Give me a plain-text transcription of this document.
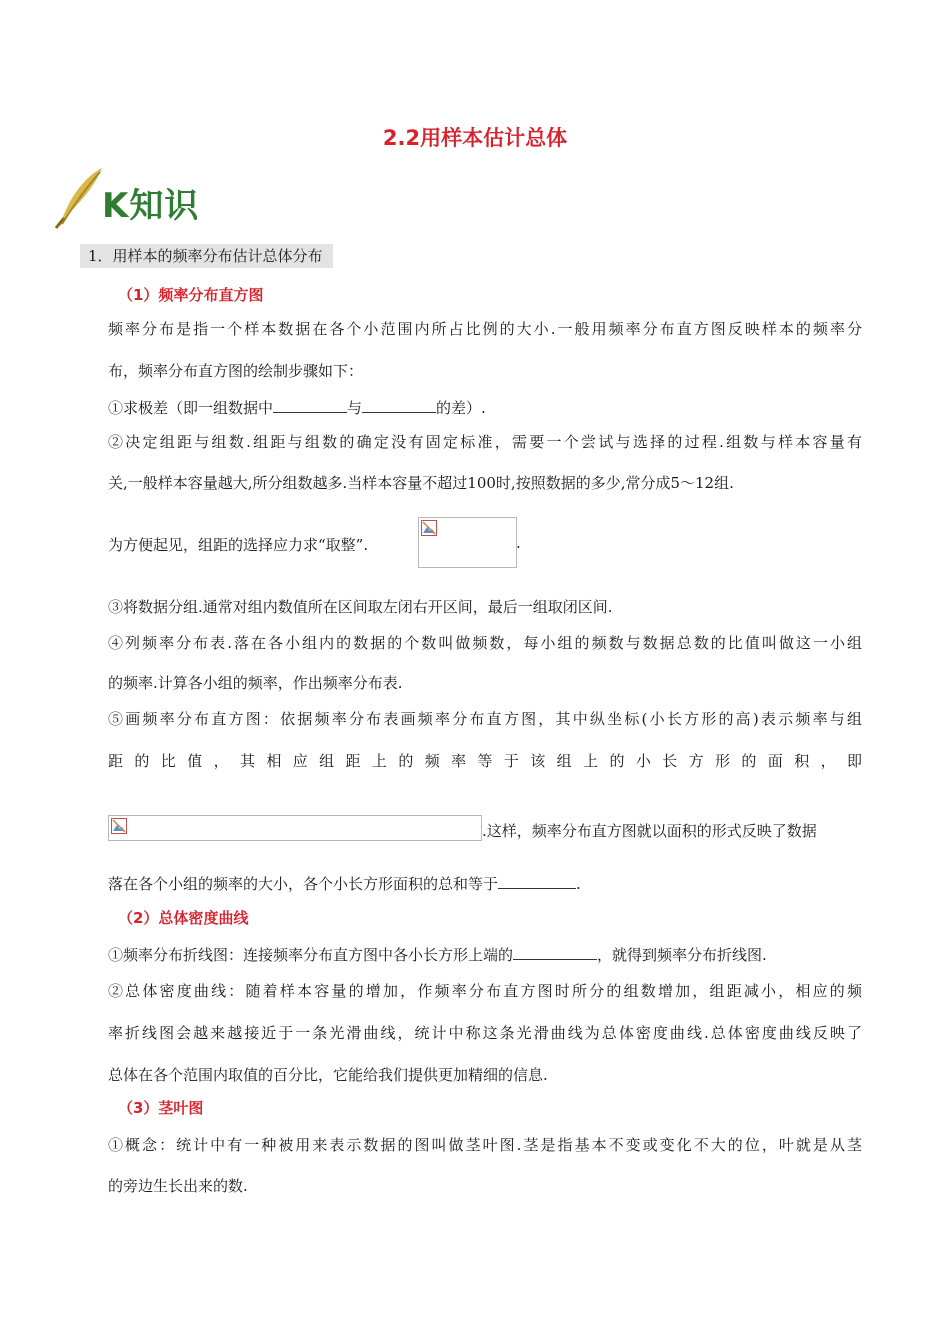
2.2用样本估计总体
K知识
1．用样本的频率分布估计总体分布
（1）频率分布直方图
频率分布是指一个样本数据在各个小范围内所占比例的大小.一般用频率分布直方图反映样本的频率分
布，频率分布直方图的绘制步骤如下：
①求极差（即一组数据中	与	的差）.
②决定组距与组数.组距与组数的确定没有固定标准，需要一个尝试与选择的过程.组数与样本容量有
关,一般样本容量越大,所分组数越多.当样本容量不超过100时,按照数据的多少,常分成5～12组.
为方便起见，组距的选择应力求“取整”.	.
③将数据分组.通常对组内数值所在区间取左闭右开区间，最后一组取闭区间.
④列频率分布表.落在各小组内的数据的个数叫做频数，每小组的频数与数据总数的比值叫做这一小组
的频率.计算各小组的频率，作出频率分布表.
⑤画频率分布直方图：依据频率分布表画频率分布直方图，其中纵坐标(小长方形的高)表示频率与组
距的比值，其相应组距上的频率等于该组上的小长方形的面积，即
.这样，频率分布直方图就以面积的形式反映了数据
落在各个小组的频率的大小，各个小长方形面积的总和等于	.
（2）总体密度曲线
①频率分布折线图：连接频率分布直方图中各小长方形上端的	，就得到频率分布折线图.
②总体密度曲线：随着样本容量的增加，作频率分布直方图时所分的组数增加，组距减小，相应的频
率折线图会越来越接近于一条光滑曲线，统计中称这条光滑曲线为总体密度曲线.总体密度曲线反映了
总体在各个范围内取值的百分比，它能给我们提供更加精细的信息.
（3）茎叶图
①概念：统计中有一种被用来表示数据的图叫做茎叶图.茎是指基本不变或变化不大的位，叶就是从茎
的旁边生长出来的数.
